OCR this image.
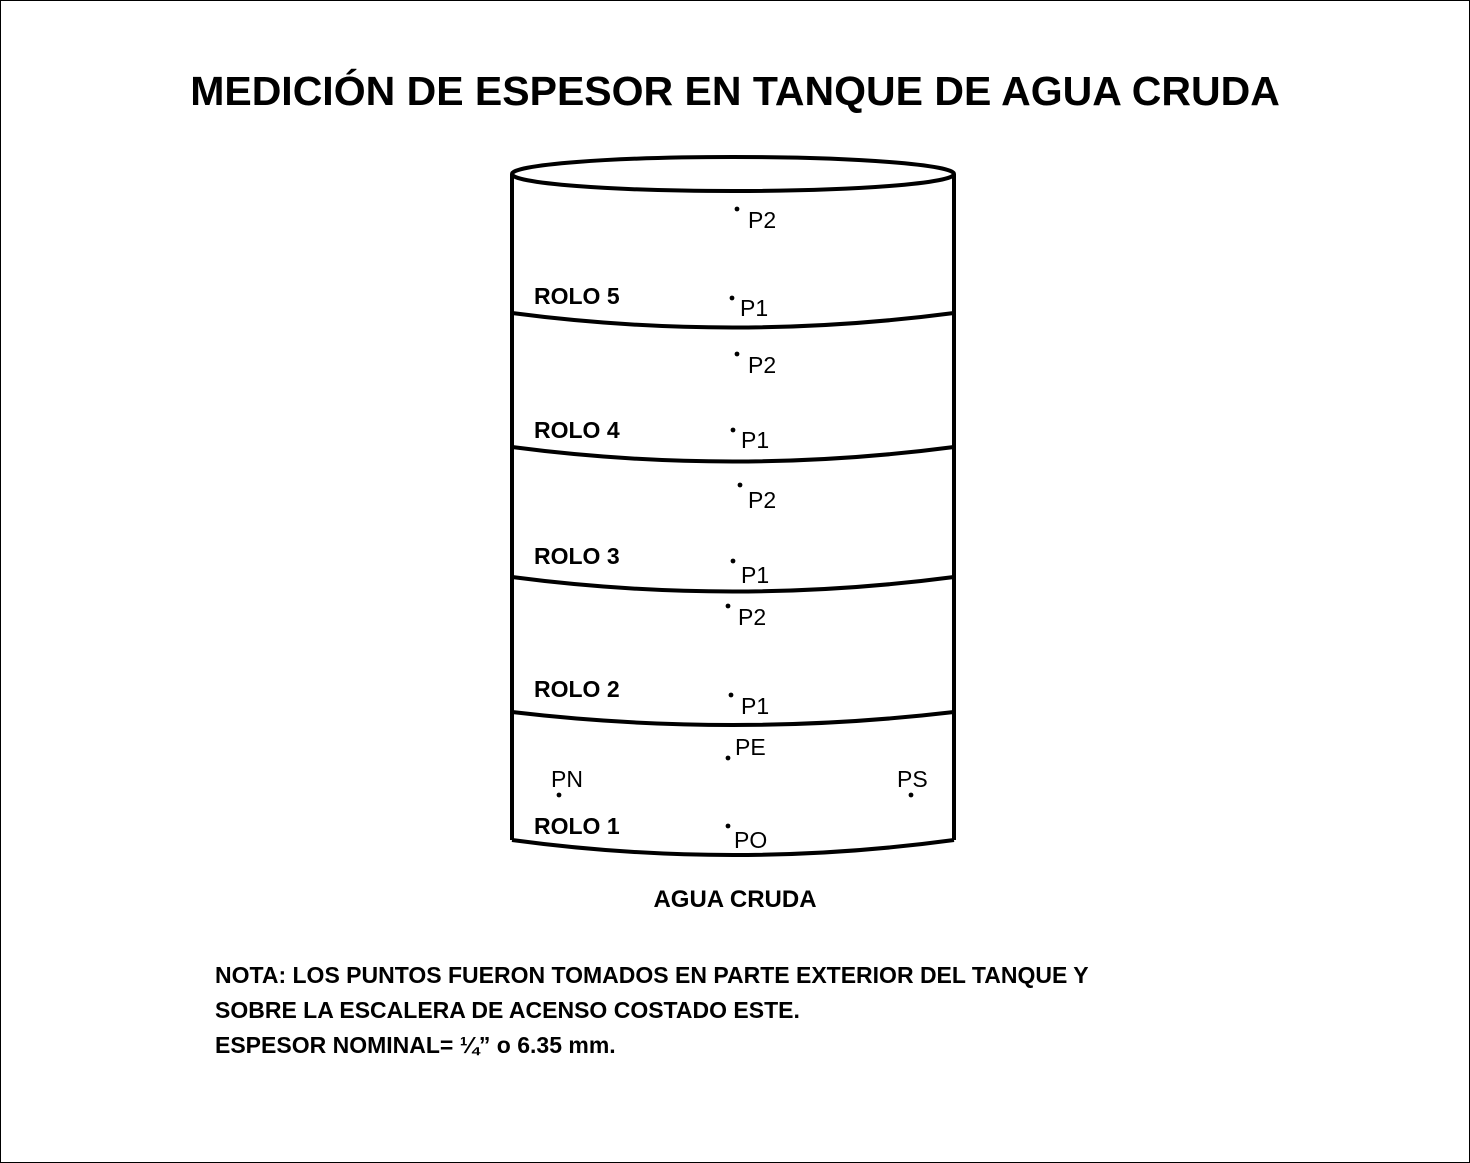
MEDICIÓN DE ESPESOR EN TANQUE DE AGUA CRUDA
ROLO 5
ROLO 4
ROLO 3
ROLO 2
ROLO 1
P2
P1
P2
P1
P2
P1
P2
P1
PE
PN	PS
PO
AGUA CRUDA
NOTA: LOS PUNTOS FUERON TOMADOS EN PARTE EXTERIOR DEL TANQUE Y
SOBRE LA ESCALERA DE ACENSO COSTADO ESTE.
ESPESOR NOMINAL= ¼” o 6.35 mm.
